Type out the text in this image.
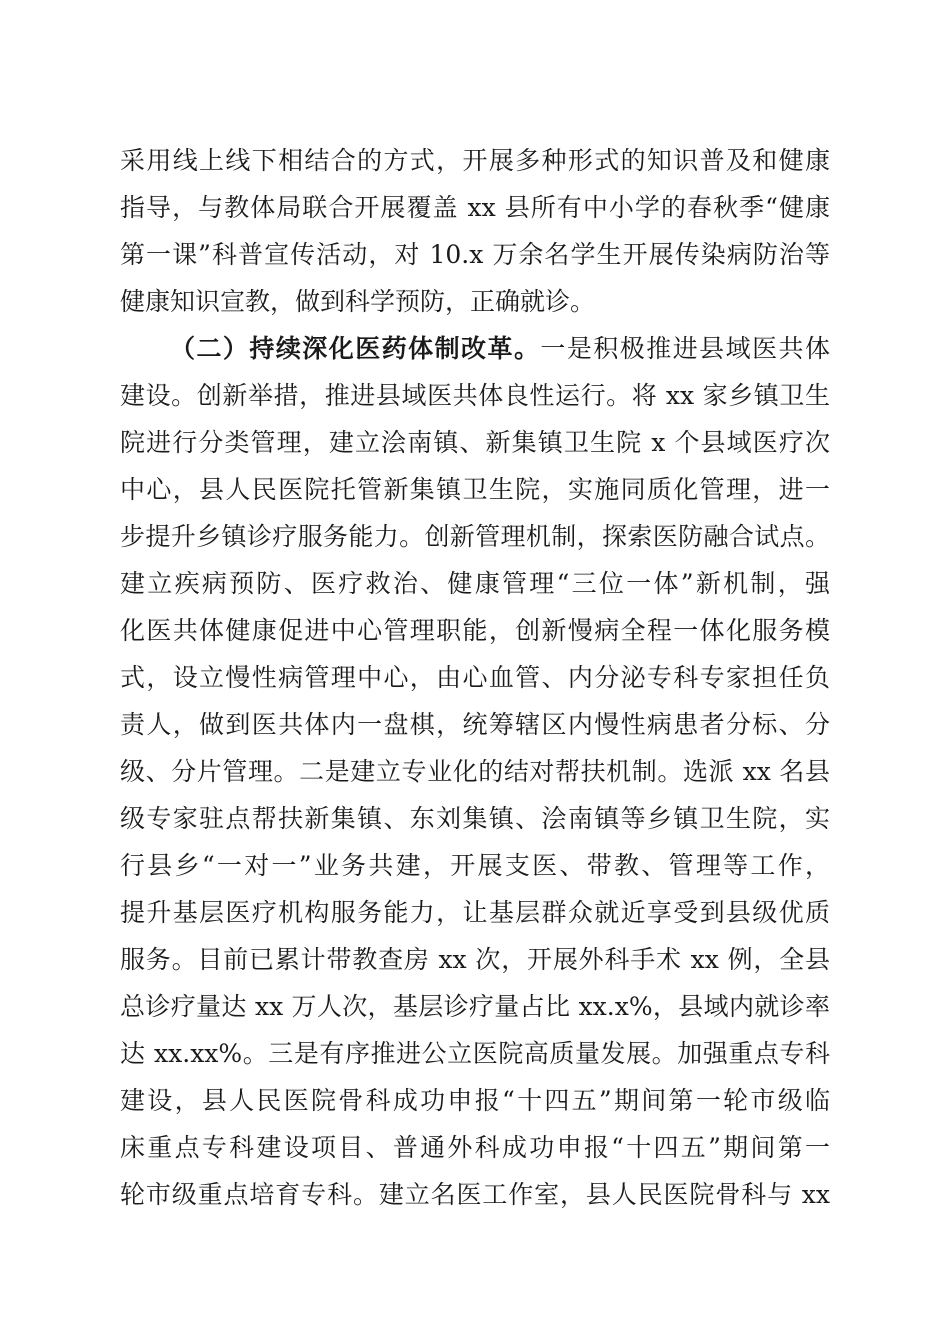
采用线上线下相结合的方式，开展多种形式的知识普及和健康
指导，与教体局联合开展覆盖 xx 县所有中小学的春秋季“健康
第一课”科普宣传活动，对 10.x 万余名学生开展传染病防治等
健康知识宣教，做到科学预防，正确就诊。
（二）持续深化医药体制改革。一是积极推进县域医共体
建设。创新举措，推进县域医共体良性运行。将 xx 家乡镇卫生
院进行分类管理，建立浍南镇、新集镇卫生院 x 个县域医疗次
中心，县人民医院托管新集镇卫生院，实施同质化管理，进一
步提升乡镇诊疗服务能力。创新管理机制，探索医防融合试点。
建立疾病预防、医疗救治、健康管理“三位一体”新机制，强
化医共体健康促进中心管理职能，创新慢病全程一体化服务模
式，设立慢性病管理中心，由心血管、内分泌专科专家担任负
责人，做到医共体内一盘棋，统筹辖区内慢性病患者分标、分
级、分片管理。二是建立专业化的结对帮扶机制。选派 xx 名县
级专家驻点帮扶新集镇、东刘集镇、浍南镇等乡镇卫生院，实
行县乡“一对一”业务共建，开展支医、带教、管理等工作，
提升基层医疗机构服务能力，让基层群众就近享受到县级优质
服务。目前已累计带教查房 xx 次，开展外科手术 xx 例，全县
总诊疗量达 xx 万人次，基层诊疗量占比 xx.x%，县域内就诊率
达 xx.xx%。三是有序推进公立医院高质量发展。加强重点专科
建设，县人民医院骨科成功申报“十四五”期间第一轮市级临
床重点专科建设项目、普通外科成功申报“十四五”期间第一
轮市级重点培育专科。建立名医工作室，县人民医院骨科与 xx
